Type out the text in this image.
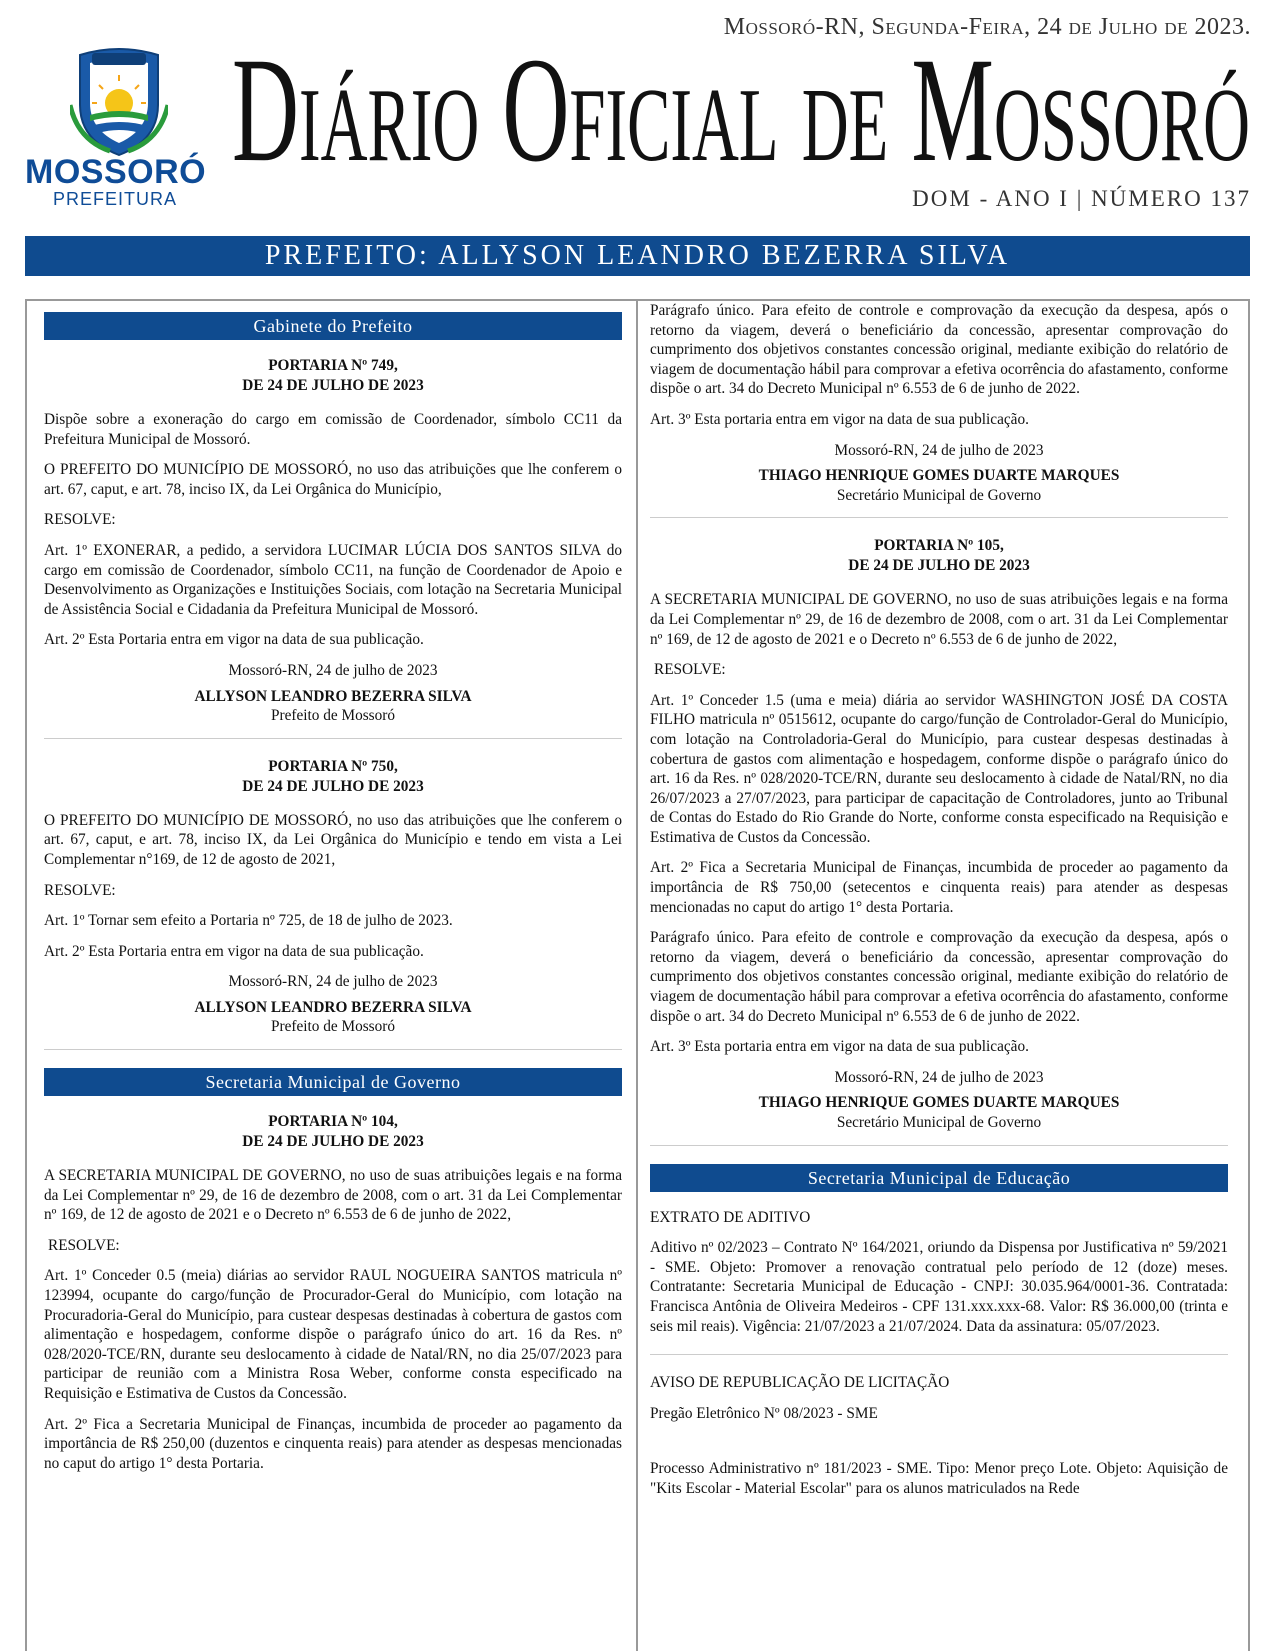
Mossoró-RN, Segunda-Feira, 24 de Julho de 2023.
MOSSORÓ
PREFEITURA
Diário Oficial de Mossoró
DOM - ANO I | NÚMERO 137
PREFEITO: ALLYSON LEANDRO BEZERRA SILVA
Gabinete do Prefeito
PORTARIA Nº 749,
DE 24 DE JULHO DE 2023

Dispõe sobre a exoneração do cargo em comissão de Coordenador, símbolo CC11 da Prefeitura Municipal de Mossoró.

O PREFEITO DO MUNICÍPIO DE MOSSORÓ, no uso das atribuições que lhe conferem o art. 67, caput, e art. 78, inciso IX, da Lei Orgânica do Município,

RESOLVE:

Art. 1º EXONERAR, a pedido, a servidora LUCIMAR LÚCIA DOS SANTOS SILVA do cargo em comissão de Coordenador, símbolo CC11, na função de Coordenador de Apoio e Desenvolvimento as Organizações e Instituições Sociais, com lotação na Secretaria Municipal de Assistência Social e Cidadania da Prefeitura Municipal de Mossoró.

Art. 2º Esta Portaria entra em vigor na data de sua publicação.

Mossoró-RN, 24 de julho de 2023
ALLYSON LEANDRO BEZERRA SILVA
Prefeito de Mossoró
PORTARIA Nº 750,
DE 24 DE JULHO DE 2023

O PREFEITO DO MUNICÍPIO DE MOSSORÓ, no uso das atribuições que lhe conferem o art. 67, caput, e art. 78, inciso IX, da Lei Orgânica do Município e tendo em vista a Lei Complementar n°169, de 12 de agosto de 2021,

RESOLVE:

Art. 1º Tornar sem efeito a Portaria nº 725, de 18 de julho de 2023.

Art. 2º Esta Portaria entra em vigor na data de sua publicação.

Mossoró-RN, 24 de julho de 2023
ALLYSON LEANDRO BEZERRA SILVA
Prefeito de Mossoró
Secretaria Municipal de Governo
PORTARIA Nº 104,
DE 24 DE JULHO DE 2023

A SECRETARIA MUNICIPAL DE GOVERNO, no uso de suas atribuições legais e na forma da Lei Complementar nº 29, de 16 de dezembro de 2008, com o art. 31 da Lei Complementar nº 169, de 12 de agosto de 2021 e o Decreto nº 6.553 de 6 de junho de 2022,

RESOLVE:

Art. 1º Conceder 0.5 (meia) diárias ao servidor RAUL NOGUEIRA SANTOS matricula nº 123994, ocupante do cargo/função de Procurador-Geral do Município, com lotação na Procuradoria-Geral do Município, para custear despesas destinadas à cobertura de gastos com alimentação e hospedagem, conforme dispõe o parágrafo único do art. 16 da Res. nº 028/2020-TCE/RN, durante seu deslocamento à cidade de Natal/RN, no dia 25/07/2023 para participar de reunião com a Ministra Rosa Weber, conforme consta especificado na Requisição e Estimativa de Custos da Concessão.

Art. 2º Fica a Secretaria Municipal de Finanças, incumbida de proceder ao pagamento da importância de R$ 250,00 (duzentos e cinquenta reais) para atender as despesas mencionadas no caput do artigo 1° desta Portaria.

Parágrafo único. Para efeito de controle e comprovação da execução da despesa, após o retorno da viagem, deverá o beneficiário da concessão, apresentar comprovação do cumprimento dos objetivos constantes concessão original, mediante exibição do relatório de viagem de documentação hábil para comprovar a efetiva ocorrência do afastamento, conforme dispõe o art. 34 do Decreto Municipal nº 6.553 de 6 de junho de 2022.

Art. 3º Esta portaria entra em vigor na data de sua publicação.

Mossoró-RN, 24 de julho de 2023
THIAGO HENRIQUE GOMES DUARTE MARQUES
Secretário Municipal de Governo
PORTARIA Nº 105,
DE 24 DE JULHO DE 2023

A SECRETARIA MUNICIPAL DE GOVERNO, no uso de suas atribuições legais e na forma da Lei Complementar nº 29, de 16 de dezembro de 2008, com o art. 31 da Lei Complementar nº 169, de 12 de agosto de 2021 e o Decreto nº 6.553 de 6 de junho de 2022,

RESOLVE:

Art. 1º Conceder 1.5 (uma e meia) diária ao servidor WASHINGTON JOSÉ DA COSTA FILHO matricula nº 0515612, ocupante do cargo/função de Controlador-Geral do Município, com lotação na Controladoria-Geral do Município, para custear despesas destinadas à cobertura de gastos com alimentação e hospedagem, conforme dispõe o parágrafo único do art. 16 da Res. nº 028/2020-TCE/RN, durante seu deslocamento à cidade de Natal/RN, no dia 26/07/2023 a 27/07/2023, para participar de capacitação de Controladores, junto ao Tribunal de Contas do Estado do Rio Grande do Norte, conforme consta especificado na Requisição e Estimativa de Custos da Concessão.

Art. 2º Fica a Secretaria Municipal de Finanças, incumbida de proceder ao pagamento da importância de R$ 750,00 (setecentos e cinquenta reais) para atender as despesas mencionadas no caput do artigo 1° desta Portaria.

Parágrafo único. Para efeito de controle e comprovação da execução da despesa, após o retorno da viagem, deverá o beneficiário da concessão, apresentar comprovação do cumprimento dos objetivos constantes concessão original, mediante exibição do relatório de viagem de documentação hábil para comprovar a efetiva ocorrência do afastamento, conforme dispõe o art. 34 do Decreto Municipal nº 6.553 de 6 de junho de 2022.

Art. 3º Esta portaria entra em vigor na data de sua publicação.

Mossoró-RN, 24 de julho de 2023
THIAGO HENRIQUE GOMES DUARTE MARQUES
Secretário Municipal de Governo
Secretaria Municipal de Educação

EXTRATO DE ADITIVO

Aditivo nº 02/2023 – Contrato Nº 164/2021, oriundo da Dispensa por Justificativa nº 59/2021 - SME. Objeto: Promover a renovação contratual pelo período de 12 (doze) meses. Contratante: Secretaria Municipal de Educação - CNPJ: 30.035.964/0001-36. Contratada: Francisca Antônia de Oliveira Medeiros - CPF 131.xxx.xxx-68. Valor: R$ 36.000,00 (trinta e seis mil reais). Vigência: 21/07/2023 a 21/07/2024. Data da assinatura: 05/07/2023.

AVISO DE REPUBLICAÇÃO DE LICITAÇÃO

Pregão Eletrônico Nº 08/2023 - SME

Processo Administrativo nº 181/2023 - SME. Tipo: Menor preço Lote. Objeto: Aquisição de "Kits Escolar - Material Escolar" para os alunos matriculados na Rede
